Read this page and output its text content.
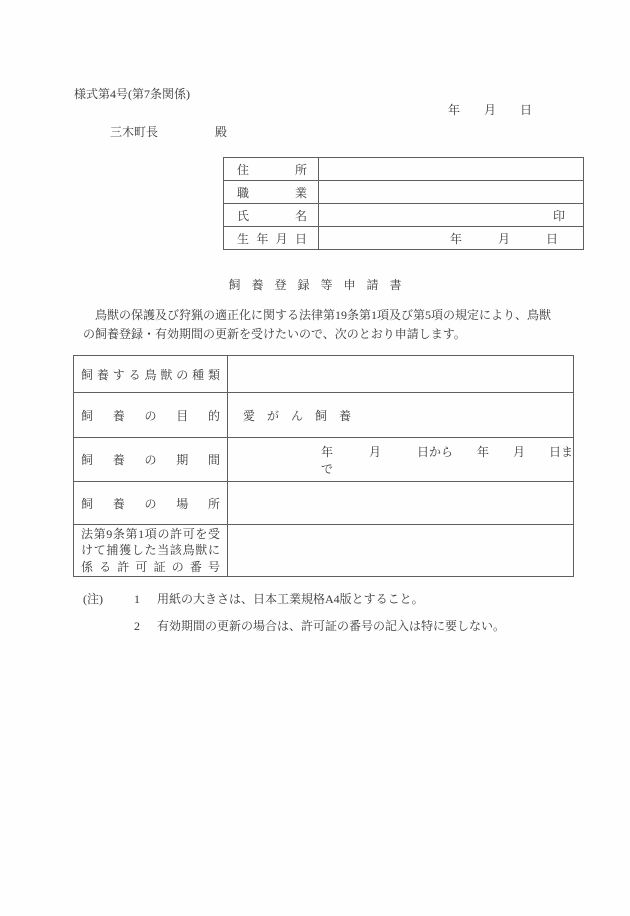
様式第4号(第7条関係)
年　　月　　日
三木町長	殿
住所	
職業	
氏名	印
生年月日	年　　　月　　　日
飼養登録等申請書
　鳥獣の保護及び狩猟の適正化に関する法律第19条第1項及び第5項の規定により、鳥獣
の飼養登録・有効期間の更新を受けたいので、次のとおり申請します。
飼養する鳥獣の種類	
飼養の目的	愛　が　ん　飼　養
飼養の期間	年　　　月　　　日から　　年　　月　　日まで
飼養の場所	
法第9条第1項の許可を受けて捕獲した当該鳥獣に係る許可証の番号	
(注)	1	用紙の大きさは、日本工業規格A4版とすること。
2	有効期間の更新の場合は、許可証の番号の記入は特に要しない。
